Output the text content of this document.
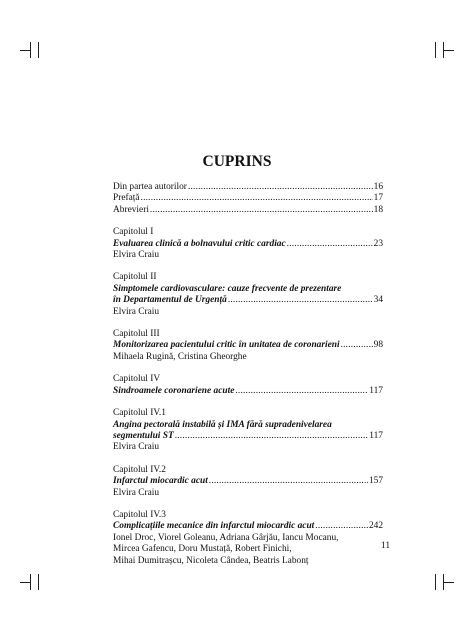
CUPRINS
Din partea autorilor .....	16
Prefață .....	17
Abrevieri .....	18
Capitolul I
Evaluarea clinică a bolnavului critic cardiac .....	23
Elvira Craiu
Capitolul II
Simptomele cardiovasculare: cauze frecvente de prezentare
în Departamentul de Urgență .....	34
Elvira Craiu
Capitolul III
Monitorizarea pacientului critic în unitatea de coronarieni .....	98
Mihaela Rugină, Cristina Gheorghe
Capitolul IV
Sindroamele coronariene acute .....	117
Capitolul IV.1
Angina pectorală instabilă și IMA fără supradenivelarea
segmentului ST .....	117
Elvira Craiu
Capitolul IV.2
Infarctul miocardic acut .....	157
Elvira Craiu
Capitolul IV.3
Complicațiile mecanice din infarctul miocardic acut .....	242
Ionel Droc, Viorel Goleanu, Adriana Gârjău, Iancu Mocanu,
Mircea Gafencu, Doru Mustață, Robert Finichi,
Mihai Dumitrașcu, Nicoleta Cândea, Beatris Labonț
11
